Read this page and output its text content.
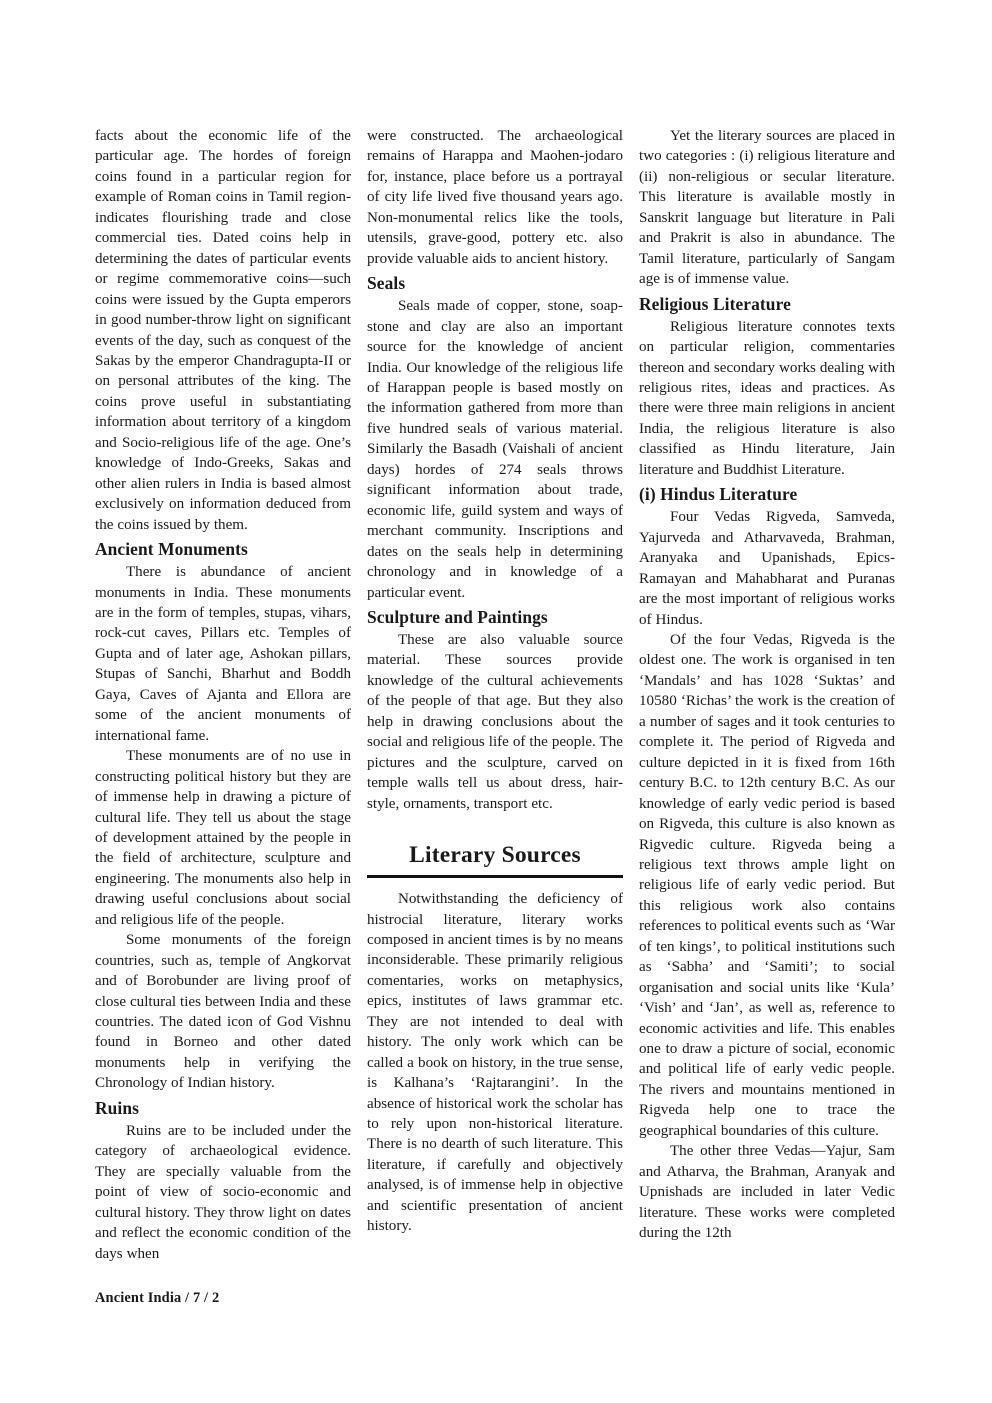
facts about the economic life of the particular age. The hordes of foreign coins found in a particular region for example of Roman coins in Tamil region-indicates flourishing trade and close commercial ties. Dated coins help in determining the dates of particular events or regime commemorative coins—such coins were issued by the Gupta emperors in good number-throw light on significant events of the day, such as conquest of the Sakas by the emperor Chandragupta-II or on personal attributes of the king. The coins prove useful in substantiating information about territory of a kingdom and Socio-religious life of the age. One’s knowledge of Indo-Greeks, Sakas and other alien rulers in India is based almost exclusively on information deduced from the coins issued by them.

Ancient Monuments

There is abundance of ancient monuments in India. These monuments are in the form of temples, stupas, vihars, rock-cut caves, Pillars etc. Temples of Gupta and of later age, Ashokan pillars, Stupas of Sanchi, Bharhut and Boddh Gaya, Caves of Ajanta and Ellora are some of the ancient monuments of international fame.

These monuments are of no use in constructing political history but they are of immense help in drawing a picture of cultural life. They tell us about the stage of development attained by the people in the field of architecture, sculpture and engineering. The monuments also help in drawing useful conclusions about social and religious life of the people.

Some monuments of the foreign countries, such as, temple of Angkorvat and of Borobunder are living proof of close cultural ties between India and these countries. The dated icon of God Vishnu found in Borneo and other dated monuments help in verifying the Chronology of Indian history.

Ruins

Ruins are to be included under the category of archaeological evidence. They are specially valuable from the point of view of socio-economic and cultural history. They throw light on dates and reflect the economic condition of the days when

were constructed. The archaeological remains of Harappa and Maohen-jodaro for, instance, place before us a portrayal of city life lived five thousand years ago. Non-monumental relics like the tools, utensils, grave-good, pottery etc. also provide valuable aids to ancient history.

Seals

Seals made of copper, stone, soap-stone and clay are also an important source for the knowledge of ancient India. Our knowledge of the religious life of Harappan people is based mostly on the information gathered from more than five hundred seals of various material. Similarly the Basadh (Vaishali of ancient days) hordes of 274 seals throws significant information about trade, economic life, guild system and ways of merchant community. Inscriptions and dates on the seals help in determining chronology and in knowledge of a particular event.

Sculpture and Paintings

These are also valuable source material. These sources provide knowledge of the cultural achievements of the people of that age. But they also help in drawing conclusions about the social and religious life of the people. The pictures and the sculpture, carved on temple walls tell us about dress, hair-style, ornaments, transport etc.

Literary Sources

Notwithstanding the deficiency of histrocial literature, literary works composed in ancient times is by no means inconsiderable. These primarily religious comentaries, works on metaphysics, epics, institutes of laws grammar etc. They are not intended to deal with history. The only work which can be called a book on history, in the true sense, is Kalhana’s ‘Rajtarangini’. In the absence of historical work the scholar has to rely upon non-historical literature. There is no dearth of such literature. This literature, if carefully and objectively analysed, is of immense help in objective and scientific presentation of ancient history.

Yet the literary sources are placed in two categories : (i) religious literature and (ii) non-religious or secular literature. This literature is available mostly in Sanskrit language but literature in Pali and Prakrit is also in abundance. The Tamil literature, particularly of Sangam age is of immense value.

Religious Literature

Religious literature connotes texts on particular religion, commentaries thereon and secondary works dealing with religious rites, ideas and practices. As there were three main religions in ancient India, the religious literature is also classified as Hindu literature, Jain literature and Buddhist Literature.

(i) Hindus Literature

Four Vedas Rigveda, Samveda, Yajurveda and Atharvaveda, Brahman, Aranyaka and Upanishads, Epics-Ramayan and Mahabharat and Puranas are the most important of religious works of Hindus.

Of the four Vedas, Rigveda is the oldest one. The work is organised in ten ‘Mandals’ and has 1028 ‘Suktas’ and 10580 ‘Richas’ the work is the creation of a number of sages and it took centuries to complete it. The period of Rigveda and culture depicted in it is fixed from 16th century B.C. to 12th century B.C. As our knowledge of early vedic period is based on Rigveda, this culture is also known as Rigvedic culture. Rigveda being a religious text throws ample light on religious life of early vedic period. But this religious work also contains references to political events such as ‘War of ten kings’, to political institutions such as ‘Sabha’ and ‘Samiti’; to social organisation and social units like ‘Kula’ ‘Vish’ and ‘Jan’, as well as, reference to economic activities and life. This enables one to draw a picture of social, economic and political life of early vedic people. The rivers and mountains mentioned in Rigveda help one to trace the geographical boundaries of this culture.

The other three Vedas—Yajur, Sam and Atharva, the Brahman, Aranyak and Upnishads are included in later Vedic literature. These works were completed during the 12th

Ancient India / 7 / 2
